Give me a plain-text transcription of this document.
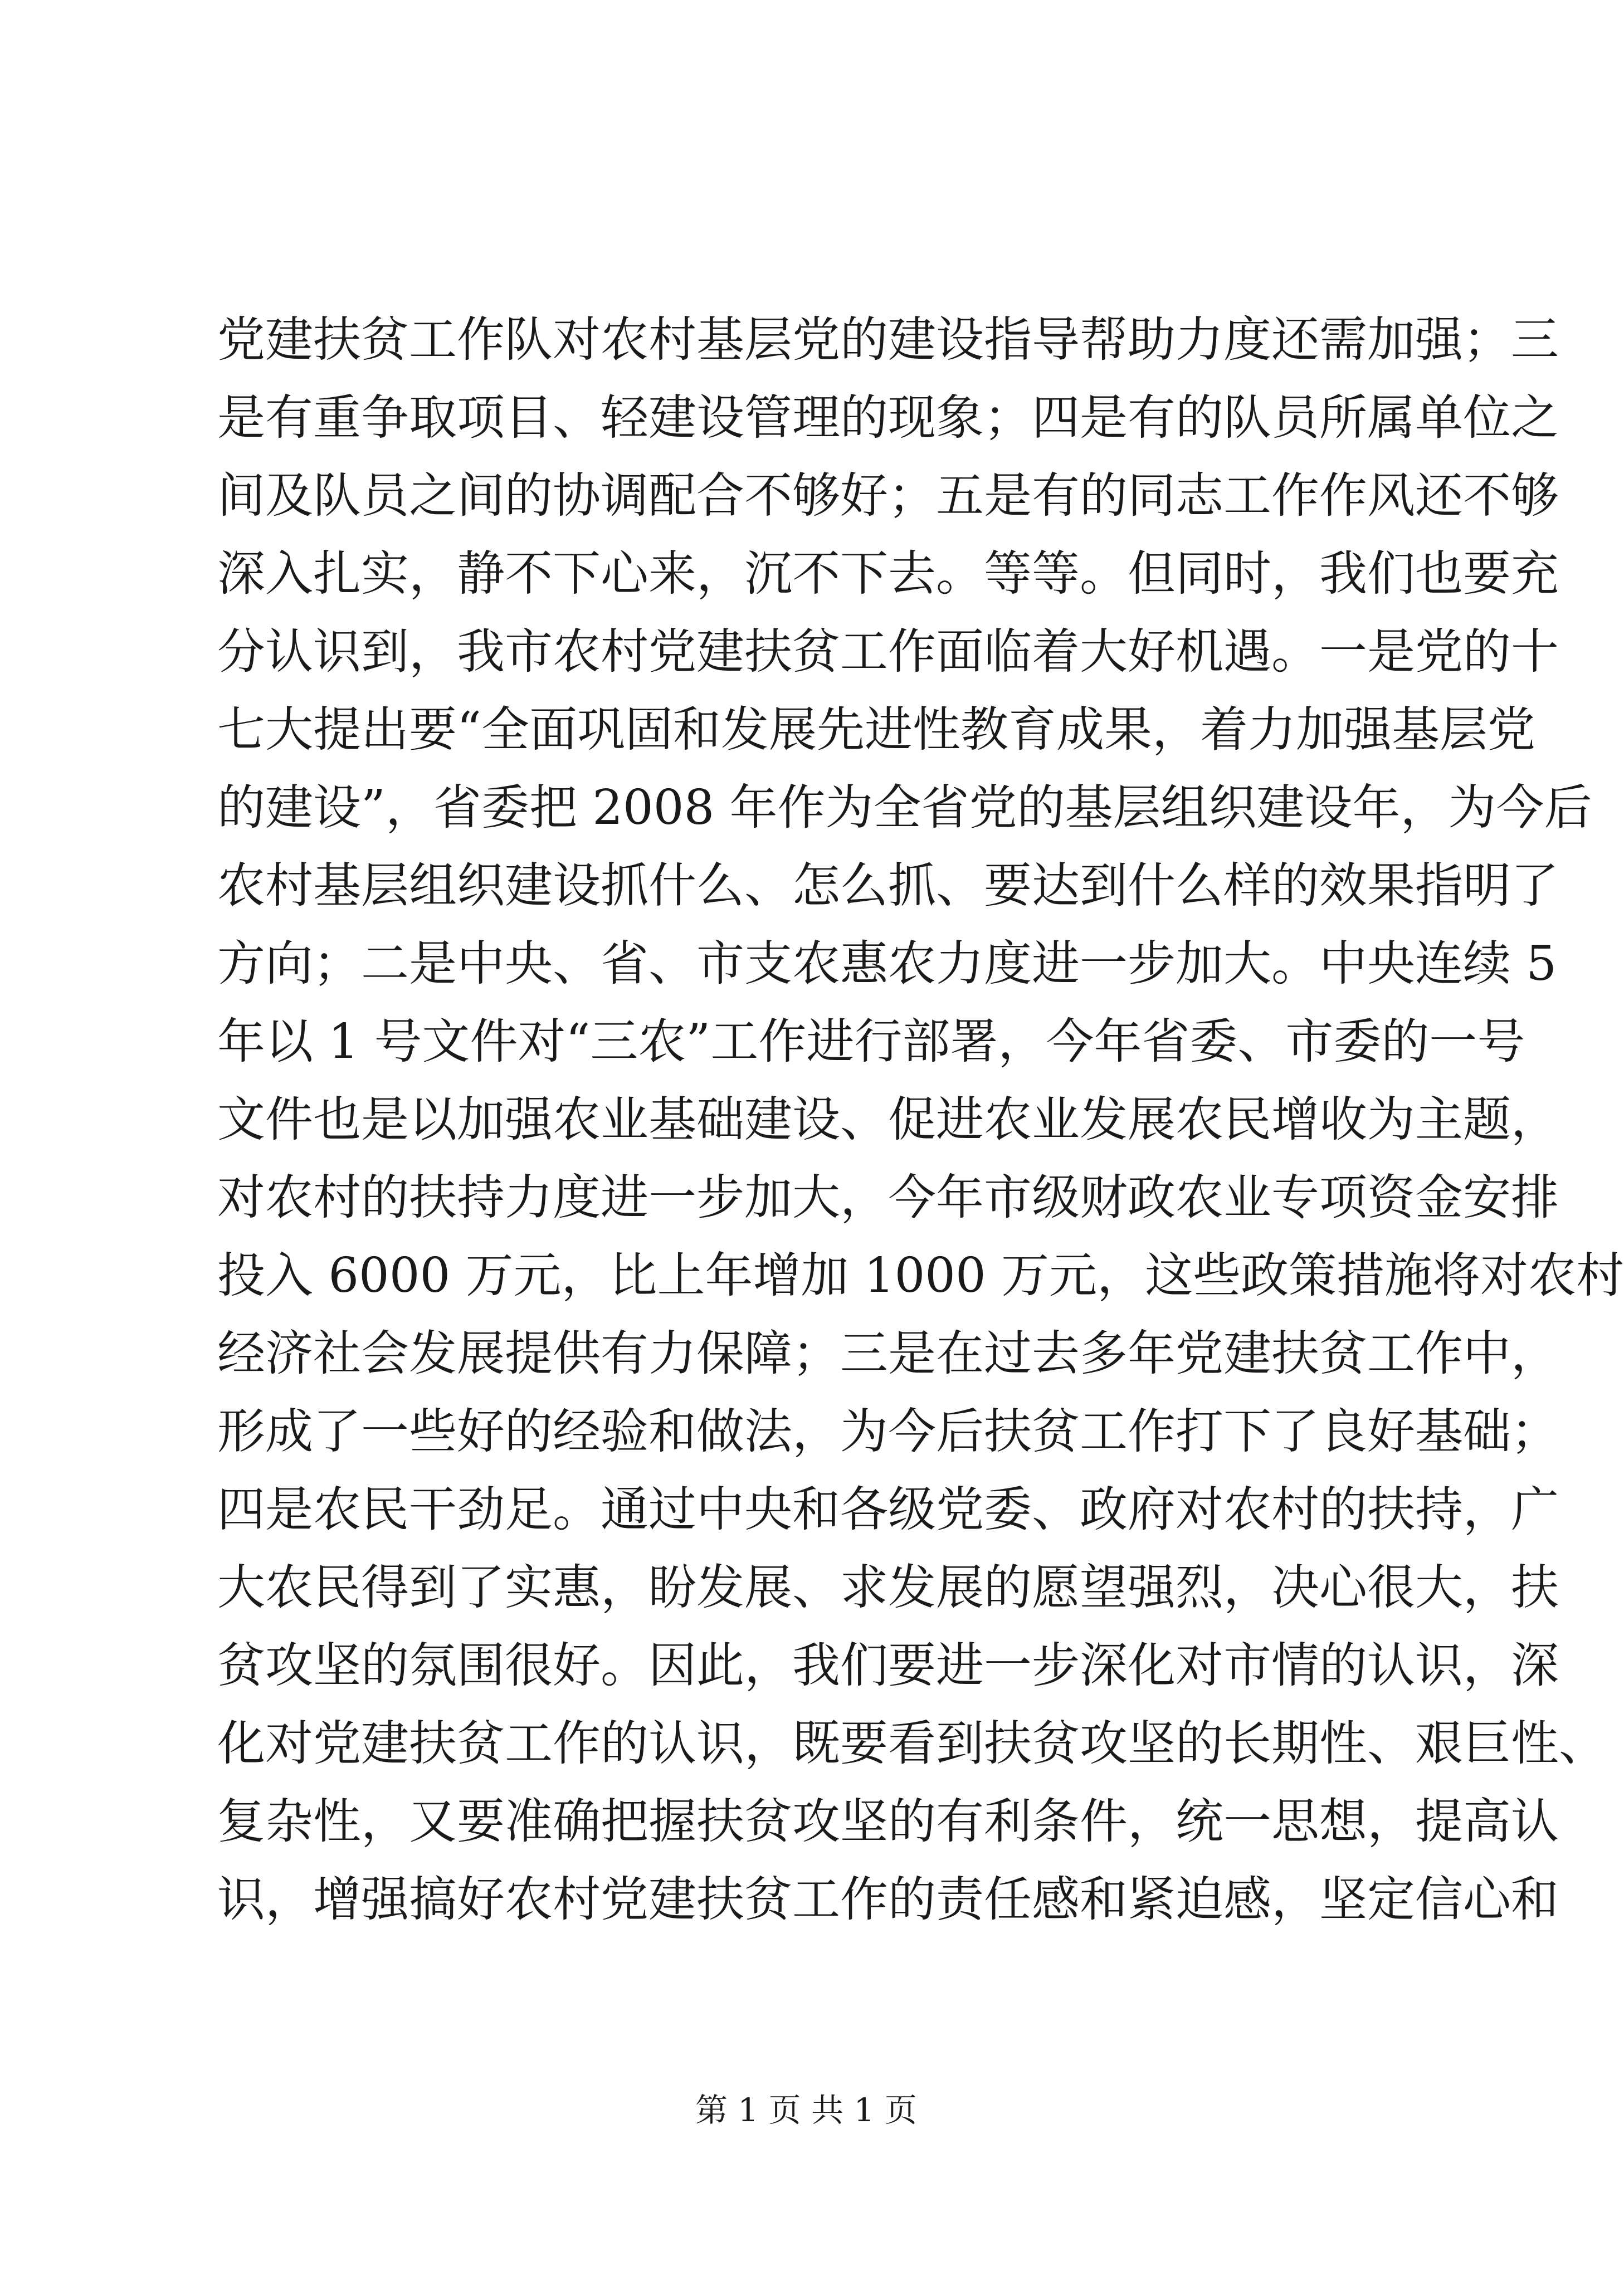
党建扶贫工作队对农村基层党的建设指导帮助力度还需加强；三
是有重争取项目、轻建设管理的现象；四是有的队员所属单位之
间及队员之间的协调配合不够好；五是有的同志工作作风还不够
深入扎实，静不下心来，沉不下去。等等。但同时，我们也要充
分认识到，我市农村党建扶贫工作面临着大好机遇。一是党的十
七大提出要“全面巩固和发展先进性教育成果，着力加强基层党
的建设”，省委把 2008 年作为全省党的基层组织建设年，为今后
农村基层组织建设抓什么、怎么抓、要达到什么样的效果指明了
方向；二是中央、省、市支农惠农力度进一步加大。中央连续 5
年以 1 号文件对“三农”工作进行部署，今年省委、市委的一号
文件也是以加强农业基础建设、促进农业发展农民增收为主题，
对农村的扶持力度进一步加大，今年市级财政农业专项资金安排
投入 6000 万元，比上年增加 1000 万元，这些政策措施将对农村
经济社会发展提供有力保障；三是在过去多年党建扶贫工作中，
形成了一些好的经验和做法，为今后扶贫工作打下了良好基础；
四是农民干劲足。通过中央和各级党委、政府对农村的扶持，广
大农民得到了实惠，盼发展、求发展的愿望强烈，决心很大，扶
贫攻坚的氛围很好。因此，我们要进一步深化对市情的认识，深
化对党建扶贫工作的认识，既要看到扶贫攻坚的长期性、艰巨性、
复杂性，又要准确把握扶贫攻坚的有利条件，统一思想，提高认
识，增强搞好农村党建扶贫工作的责任感和紧迫感，坚定信心和
第 1 页 共 1 页
